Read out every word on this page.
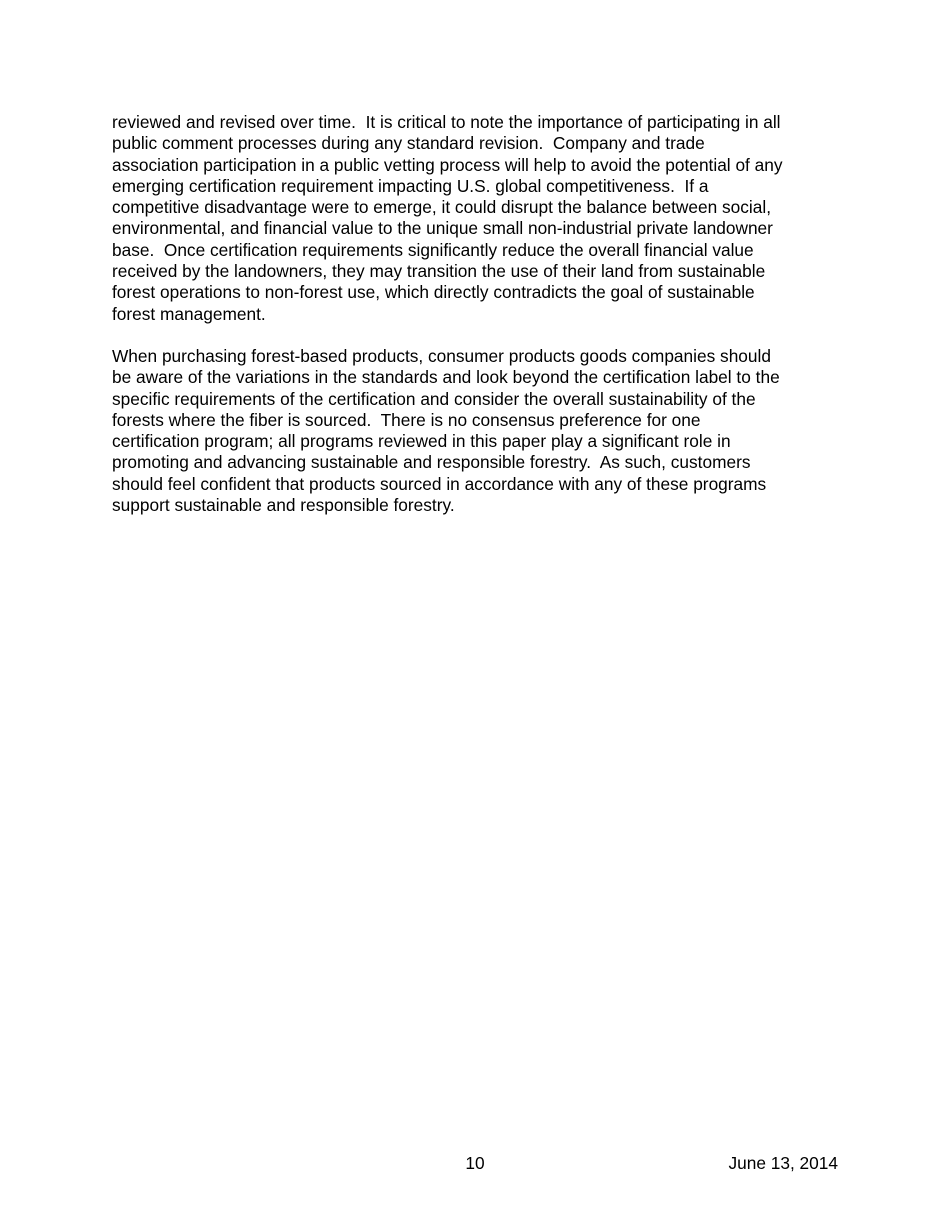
reviewed and revised over time.  It is critical to note the importance of participating in all
public comment processes during any standard revision.  Company and trade
association participation in a public vetting process will help to avoid the potential of any
emerging certification requirement impacting U.S. global competitiveness.  If a
competitive disadvantage were to emerge, it could disrupt the balance between social,
environmental, and financial value to the unique small non-industrial private landowner
base.  Once certification requirements significantly reduce the overall financial value
received by the landowners, they may transition the use of their land from sustainable
forest operations to non-forest use, which directly contradicts the goal of sustainable
forest management.

When purchasing forest-based products, consumer products goods companies should
be aware of the variations in the standards and look beyond the certification label to the
specific requirements of the certification and consider the overall sustainability of the
forests where the fiber is sourced.  There is no consensus preference for one
certification program; all programs reviewed in this paper play a significant role in
promoting and advancing sustainable and responsible forestry.  As such, customers
should feel confident that products sourced in accordance with any of these programs
support sustainable and responsible forestry.

10	June 13, 2014
